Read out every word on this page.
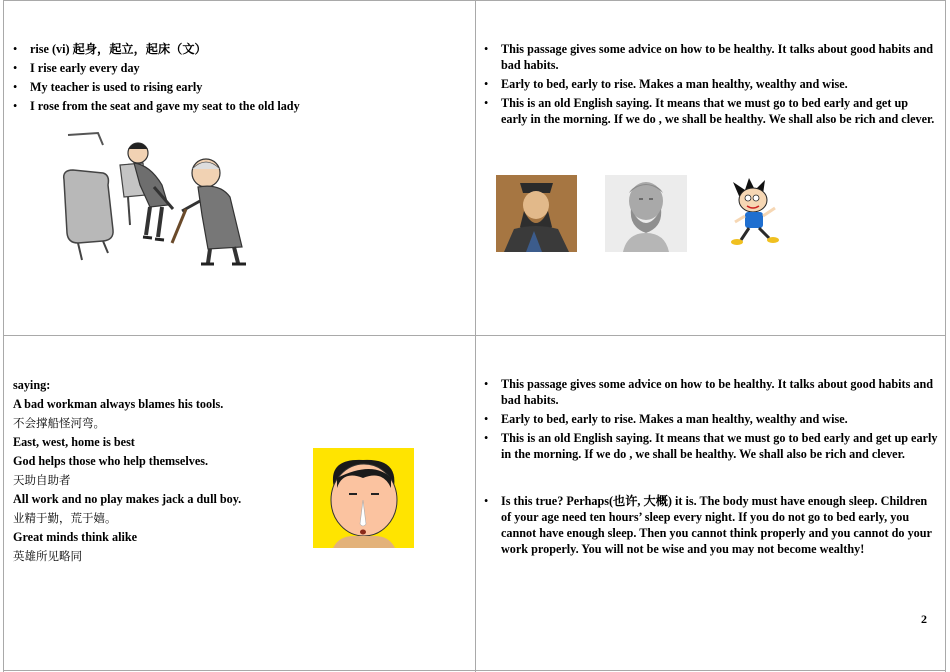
• rise (vi) 起身，起立，起床（文）
• I rise early every day
• My teacher is used to rising early
• I rose from the seat and gave my seat to the old lady
• This passage gives some advice on how to be healthy. It talks about good habits and bad habits.
• Early to bed, early to rise. Makes a man healthy, wealthy and wise.
• This is an old English saying. It means that we must go to bed early and get up early in the morning. If we do , we shall be healthy. We shall also be rich and clever.

saying:

A bad workman always blames his tools.

不会撑船怪河弯。

East, west, home is best

God helps those who help themselves.

天助自助者

All work and no play makes jack a dull boy.

业精于勤，荒于嬉。

Great minds think alike

英雄所见略同

• This passage gives some advice on how to be healthy. It talks about good habits and bad habits.
• Early to bed, early to rise. Makes a man healthy, wealthy and wise.
• This is an old English saying. It means that we must go to bed early and get up early in the morning. If we do , we shall be healthy. We shall also be rich and clever.
• Is this true? Perhaps(也许, 大概) it is. The body must have enough sleep. Children of your age need ten hours’ sleep every night. If you do not go to bed early, you cannot have enough sleep. Then you cannot think properly and you cannot do your work properly. You will not be wise and you may not become wealthy!
2
